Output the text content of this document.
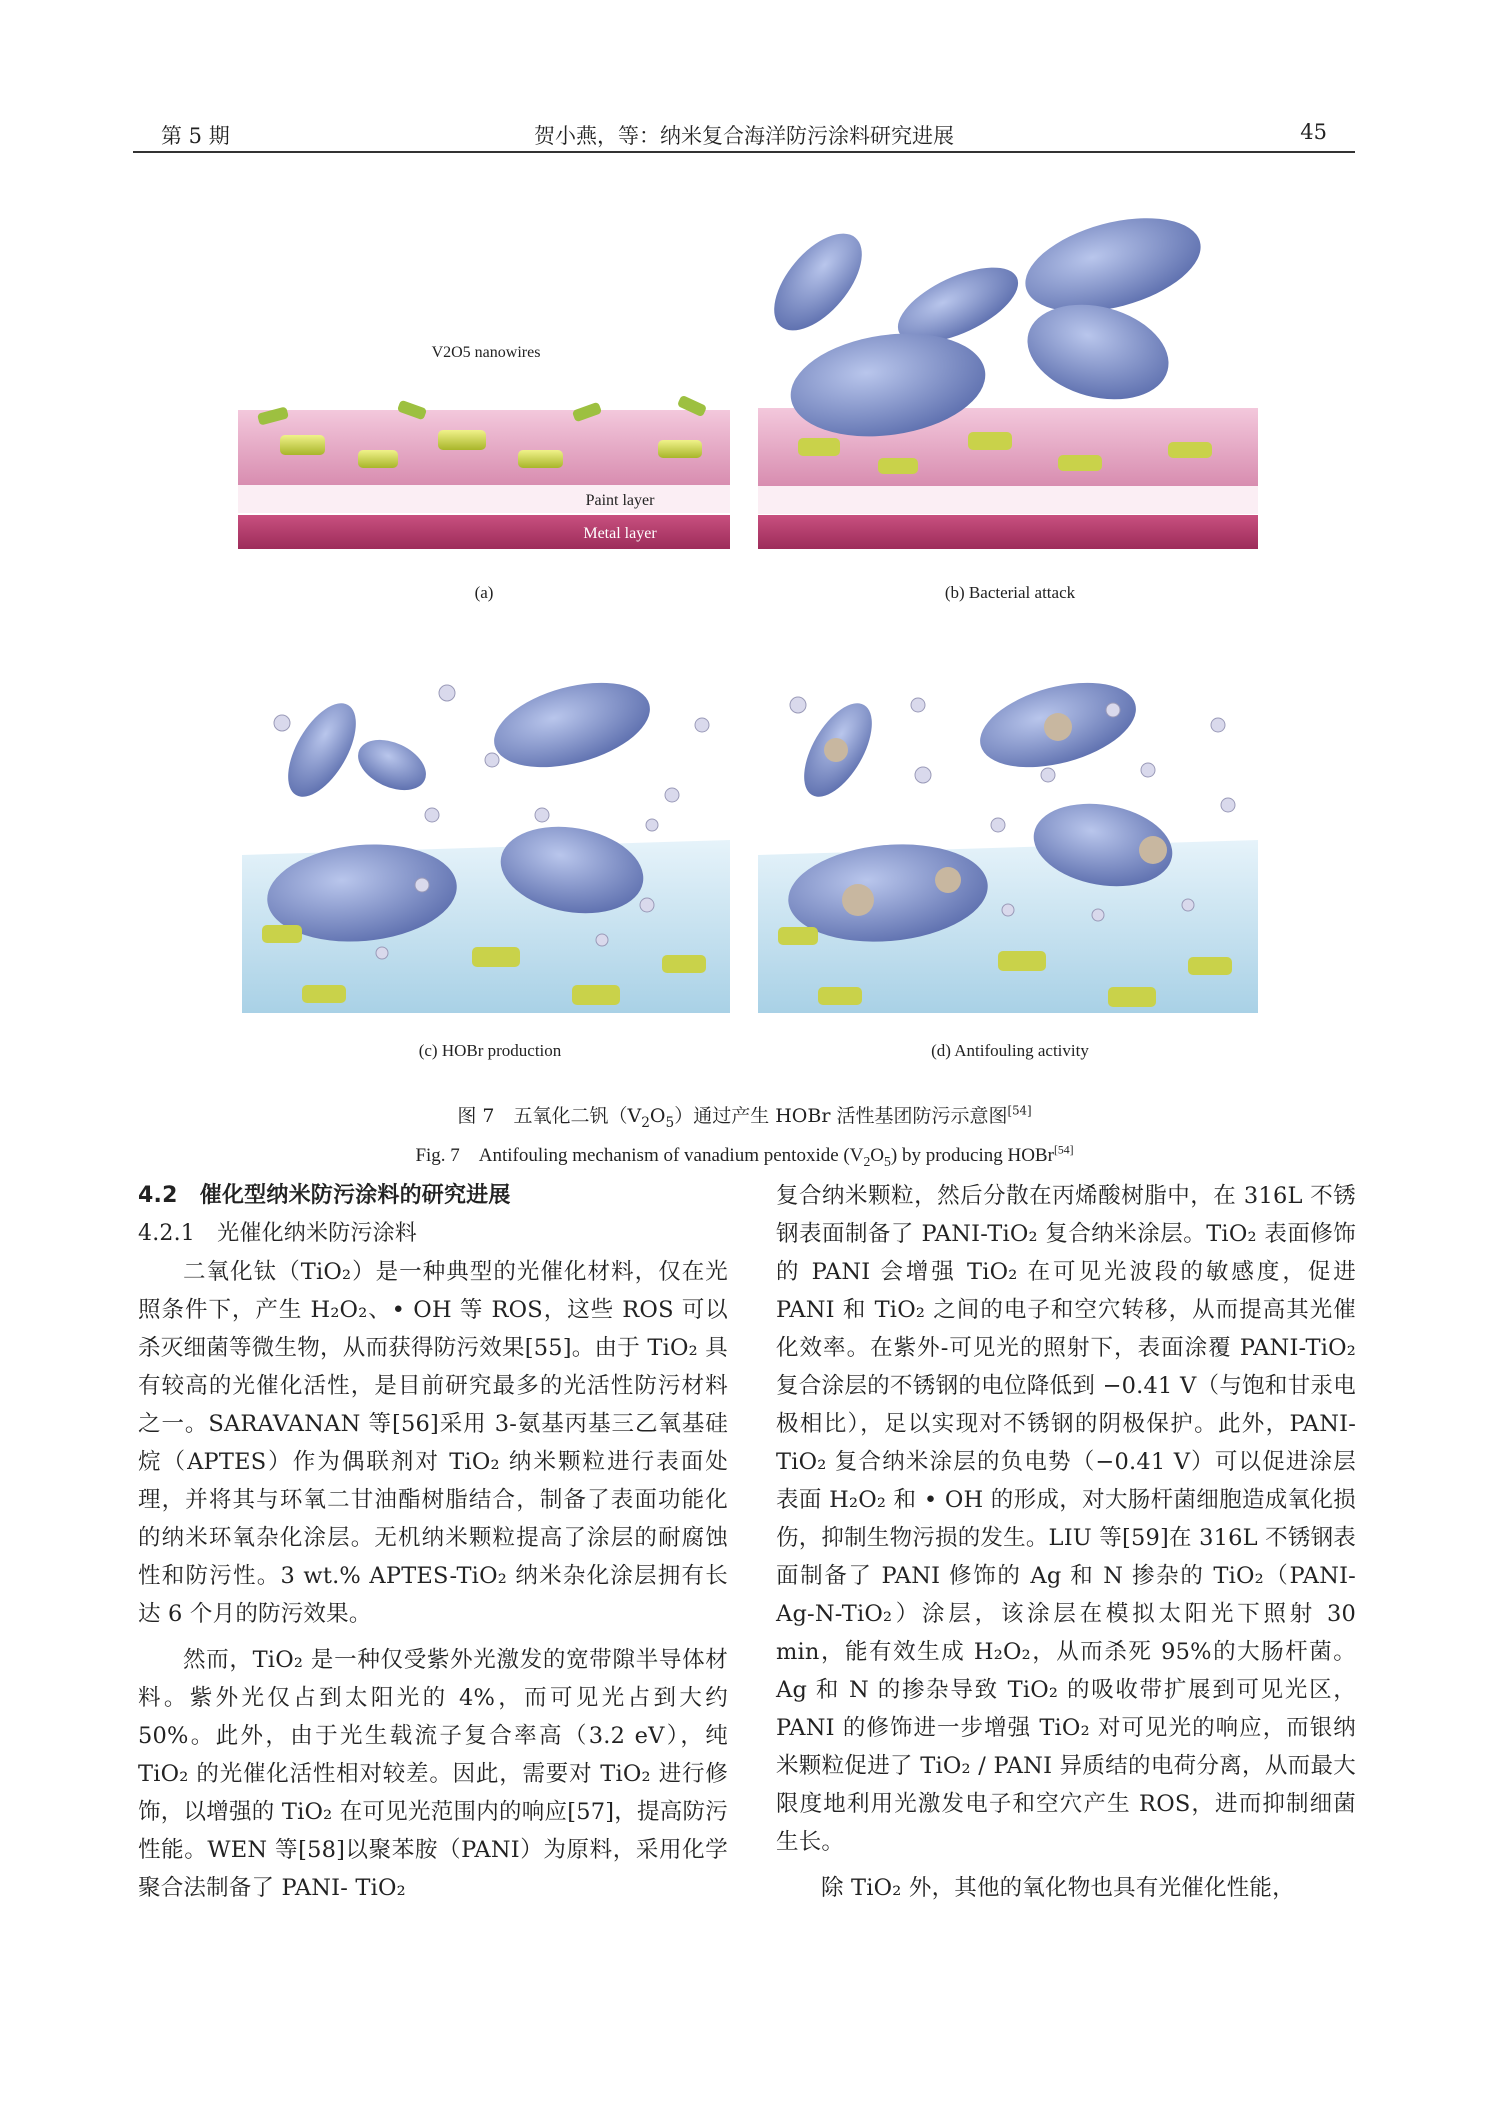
第 5 期	贺小燕，等：纳米复合海洋防污涂料研究进展	45
V2O5 nanowires
Paint layer
Metal layer
(a)	(b) Bacterial attack
(c) HOBr production	(d) Antifouling activity
图 7　五氧化二钒$(V_2O_5)$通过产生 HOBr 活性基团防污示意图[54]
Fig. 7　Antifouling mechanism of vanadium pentoxide $(V_2O_5)$ by producing HOBr[54]

4.2　催化型纳米防污涂料的研究进展

4.2.1　光催化纳米防污涂料

二氧化钛（TiO₂）是一种典型的光催化材料，仅在光照条件下，产生 H₂O₂、• OH 等 ROS，这些 ROS 可以杀灭细菌等微生物，从而获得防污效果[55]。由于 TiO₂ 具有较高的光催化活性，是目前研究最多的光活性防污材料之一。SARAVANAN 等[56]采用 3-氨基丙基三乙氧基硅烷（APTES）作为偶联剂对 TiO₂ 纳米颗粒进行表面处理，并将其与环氧二甘油酯树脂结合，制备了表面功能化的纳米环氧杂化涂层。无机纳米颗粒提高了涂层的耐腐蚀性和防污性。3 wt.% APTES-TiO₂ 纳米杂化涂层拥有长达 6 个月的防污效果。

然而，TiO₂ 是一种仅受紫外光激发的宽带隙半导体材料。紫外光仅占到太阳光的 4%，而可见光占到大约 50%。此外，由于光生载流子复合率高（3.2 eV），纯 TiO₂ 的光催化活性相对较差。因此，需要对 TiO₂ 进行修饰，以增强的 TiO₂ 在可见光范围内的响应[57]，提高防污性能。WEN 等[58]以聚苯胺（PANI）为原料，采用化学聚合法制备了 PANI- TiO₂

复合纳米颗粒，然后分散在丙烯酸树脂中，在 316L 不锈钢表面制备了 PANI-TiO₂ 复合纳米涂层。TiO₂ 表面修饰的 PANI 会增强 TiO₂ 在可见光波段的敏感度，促进 PANI 和 TiO₂ 之间的电子和空穴转移，从而提高其光催化效率。在紫外-可见光的照射下，表面涂覆 PANI-TiO₂ 复合涂层的不锈钢的电位降低到 −0.41 V（与饱和甘汞电极相比），足以实现对不锈钢的阴极保护。此外，PANI-TiO₂ 复合纳米涂层的负电势（−0.41 V）可以促进涂层表面 H₂O₂ 和 • OH 的形成，对大肠杆菌细胞造成氧化损伤，抑制生物污损的发生。LIU 等[59]在 316L 不锈钢表面制备了 PANI 修饰的 Ag 和 N 掺杂的 TiO₂（PANI-Ag-N-TiO₂）涂层，该涂层在模拟太阳光下照射 30 min，能有效生成 H₂O₂，从而杀死 95%的大肠杆菌。Ag 和 N 的掺杂导致 TiO₂ 的吸收带扩展到可见光区，PANI 的修饰进一步增强 TiO₂ 对可见光的响应，而银纳米颗粒促进了 TiO₂ / PANI 异质结的电荷分离，从而最大限度地利用光激发电子和空穴产生 ROS，进而抑制细菌生长。

除 TiO₂ 外，其他的氧化物也具有光催化性能，
